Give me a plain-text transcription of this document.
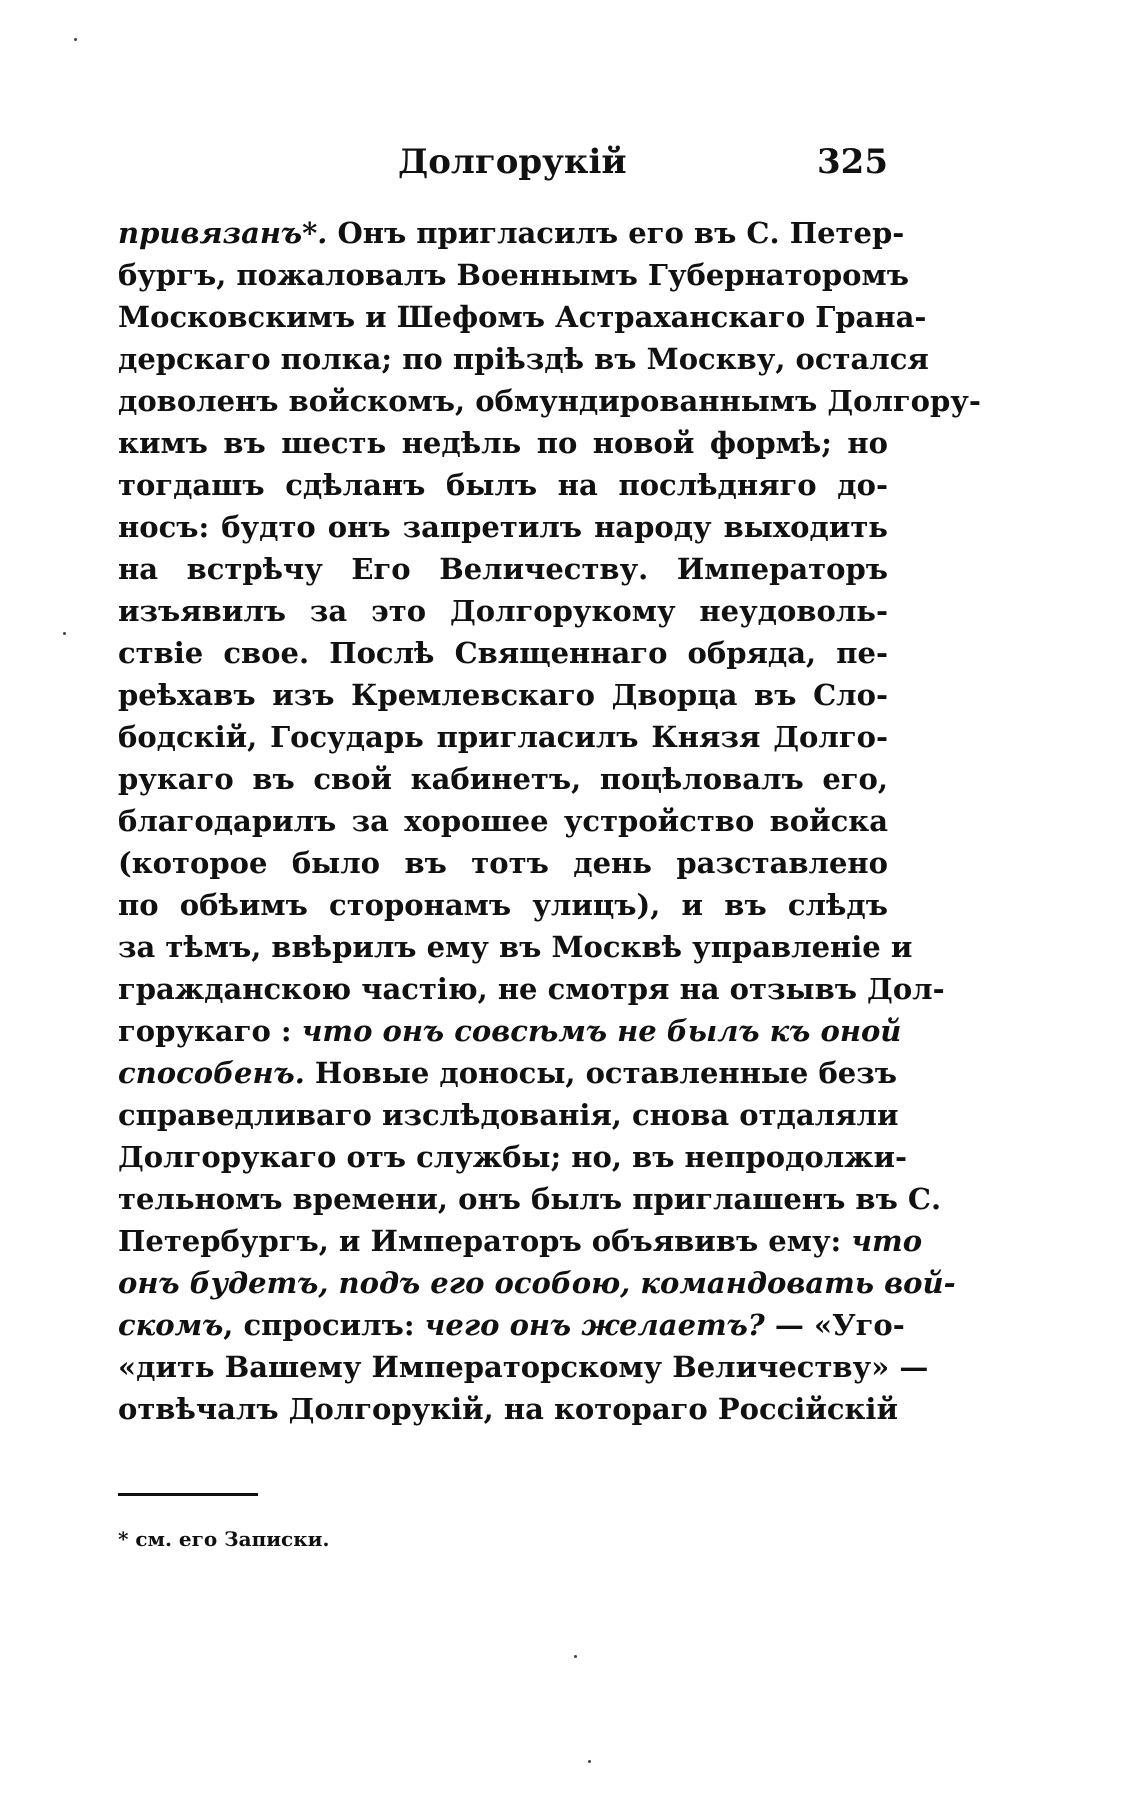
Долгорукій	325
привязанъ*. Онъ пригласилъ его въ С. Петер-
бургъ, пожаловалъ Военнымъ Губернаторомъ
Московскимъ и Шефомъ Астраханскаго Грана-
дерскаго полка; по пріѣздѣ въ Москву, остался
доволенъ войскомъ, обмундированнымъ Долгору-
кимъ въ шесть недѣль по новой формѣ; но
тогдашъ сдѣланъ былъ на послѣдняго до-
носъ: будто онъ запретилъ народу выходить
на встрѣчу Его Величеству. Императоръ
изъявилъ за это Долгорукому неудоволь-
ствіе свое. Послѣ Священнаго обряда, пе-
реѣхавъ изъ Кремлевскаго Дворца въ Сло-
бодскій, Государь пригласилъ Князя Долго-
рукаго въ свой кабинетъ, поцѣловалъ его,
благодарилъ за хорошее устройство войска
(которое было въ тотъ день разставлено
по обѣимъ сторонамъ улицъ), и въ слѣдъ
за тѣмъ, ввѣрилъ ему въ Москвѣ управленіе и
гражданскою частію, не смотря на отзывъ Дол-
горукаго : что онъ совсѣмъ не былъ къ оной
способенъ. Новые доносы, оставленные безъ
справедливаго изслѣдованія, снова отдаляли
Долгорукаго отъ службы; но, въ непродолжи-
тельномъ времени, онъ былъ приглашенъ въ С.
Петербургъ, и Императоръ объявивъ ему: что
онъ будетъ, подъ его особою, командовать вой-
скомъ, спросилъ: чего онъ желаетъ? — «Уго-
«дить Вашему Императорскому Величеству» —
отвѣчалъ Долгорукій, на котораго Россійскій
* см. его Записки.
